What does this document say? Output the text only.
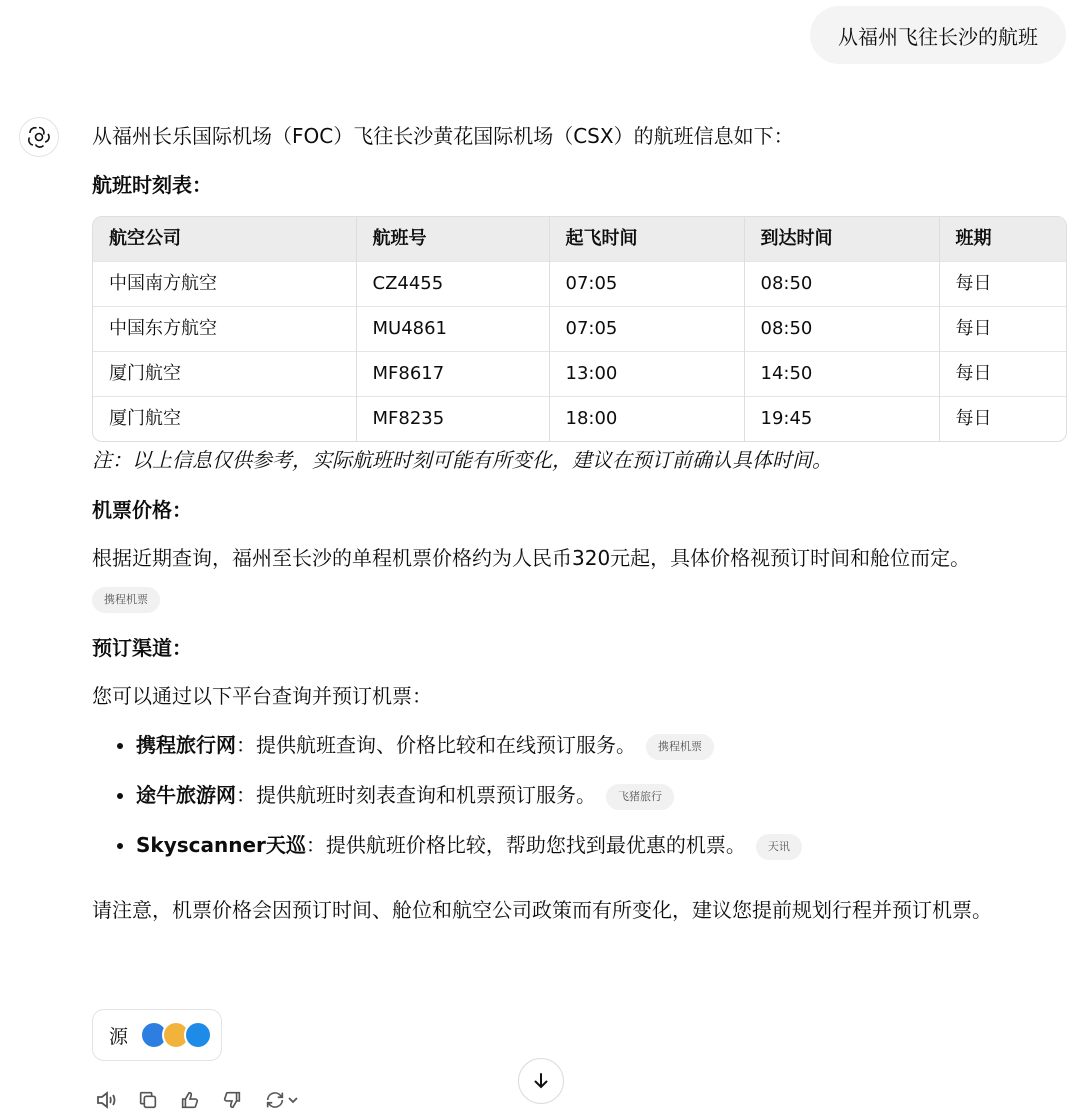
从福州飞往长沙的航班

从福州长乐国际机场（FOC）飞往长沙黄花国际机场（CSX）的航班信息如下：

航班时刻表：
航空公司	航班号	起飞时间	到达时间	班期
中国南方航空	CZ4455	07:05	08:50	每日
中国东方航空	MU4861	07:05	08:50	每日
厦门航空	MF8617	13:00	14:50	每日
厦门航空	MF8235	18:00	19:45	每日

注：以上信息仅供参考，实际航班时刻可能有所变化，建议在预订前确认具体时间。

机票价格：

根据近期查询，福州至长沙的单程机票价格约为人民币320元起，具体价格视预订时间和舱位而定。

携程机票
预订渠道：

您可以通过以下平台查询并预订机票：

• 携程旅行网：提供航班查询、价格比较和在线预订服务。 携程机票
• 途牛旅游网：提供航班时刻表查询和机票预订服务。 飞猪旅行
• Skyscanner天巡：提供航班价格比较，帮助您找到最优惠的机票。 天讯

请注意，机票价格会因预订时间、舱位和航空公司政策而有所变化，建议您提前规划行程并预订机票。

源
